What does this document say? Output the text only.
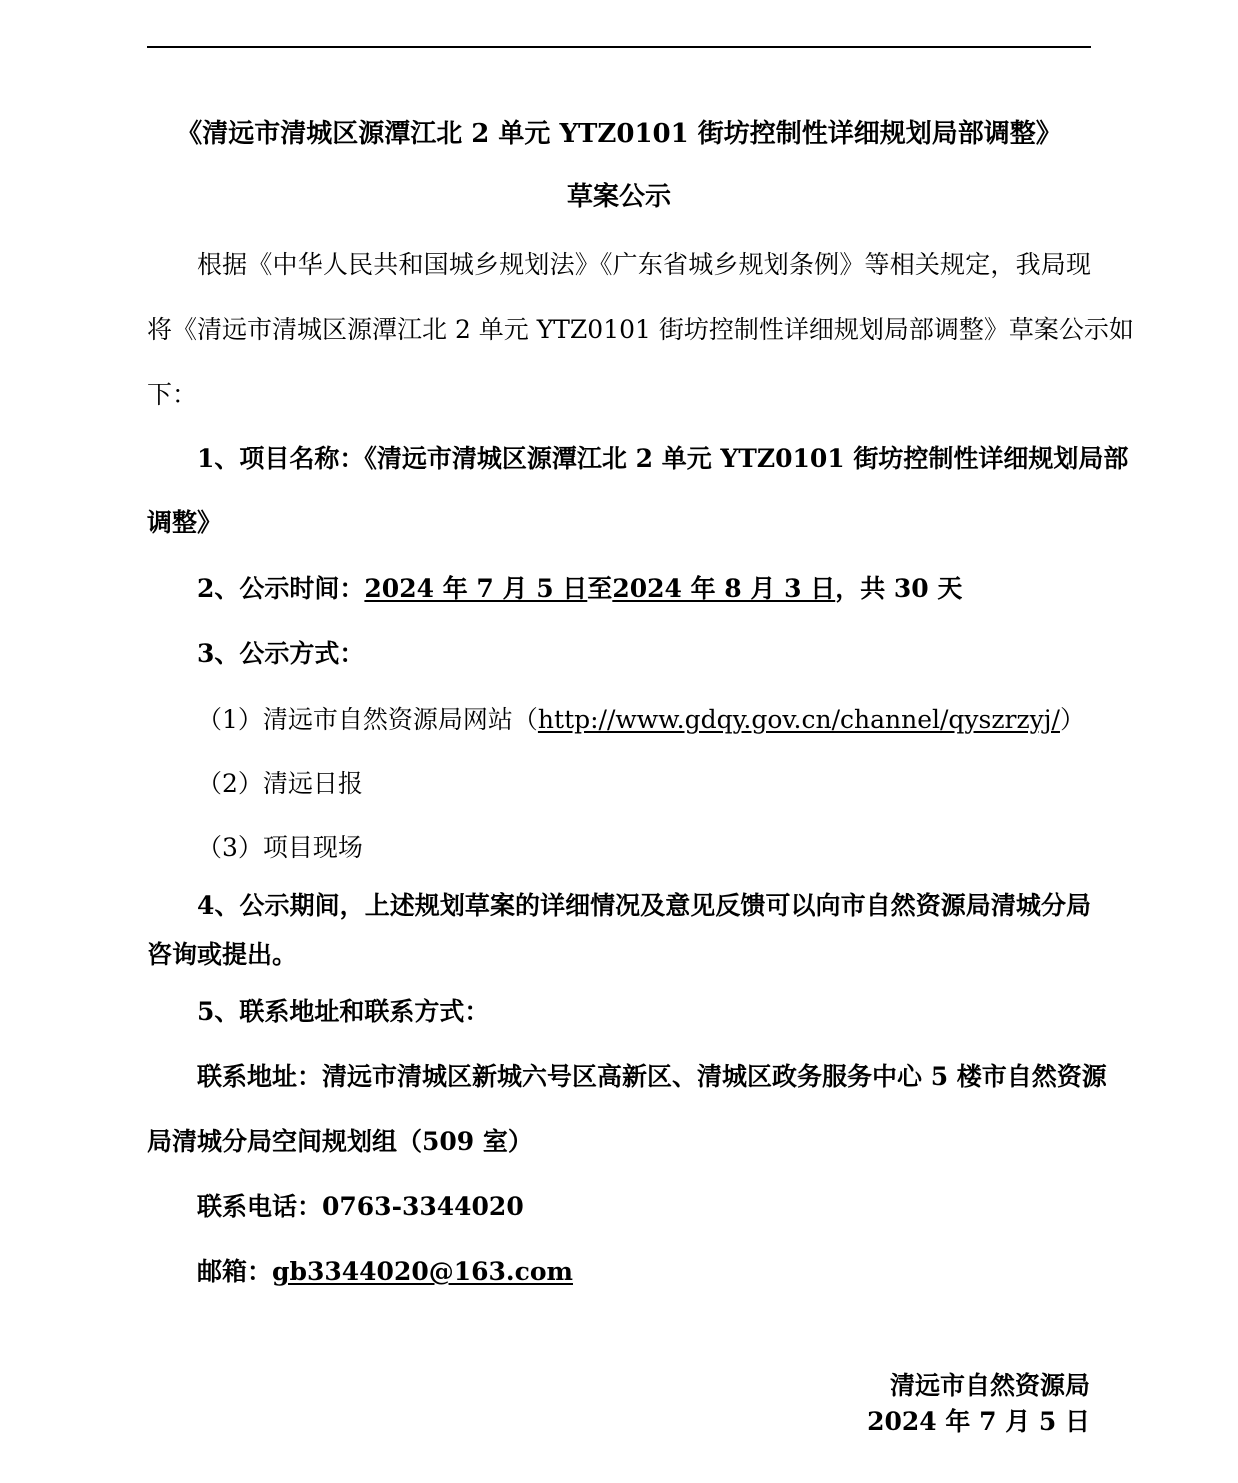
《清远市清城区源潭江北 2 单元 YTZ0101 街坊控制性详细规划局部调整》
草案公示
根据《中华人民共和国城乡规划法》《广东省城乡规划条例》等相关规定，我局现
将《清远市清城区源潭江北 2 单元 YTZ0101 街坊控制性详细规划局部调整》草案公示如
下：
1、项目名称：《清远市清城区源潭江北 2 单元 YTZ0101 街坊控制性详细规划局部
调整》
2、公示时间：2024 年 7 月 5 日至2024 年 8 月 3 日，共 30 天
3、公示方式：
（1）清远市自然资源局网站（http://www.gdqy.gov.cn/channel/qyszrzyj/）
（2）清远日报
（3）项目现场
4、公示期间，上述规划草案的详细情况及意见反馈可以向市自然资源局清城分局
咨询或提出。
5、联系地址和联系方式：
联系地址：清远市清城区新城六号区高新区、清城区政务服务中心 5 楼市自然资源
局清城分局空间规划组（509 室）
联系电话：0763-3344020
邮箱：gb3344020@163.com
清远市自然资源局
2024 年 7 月 5 日
